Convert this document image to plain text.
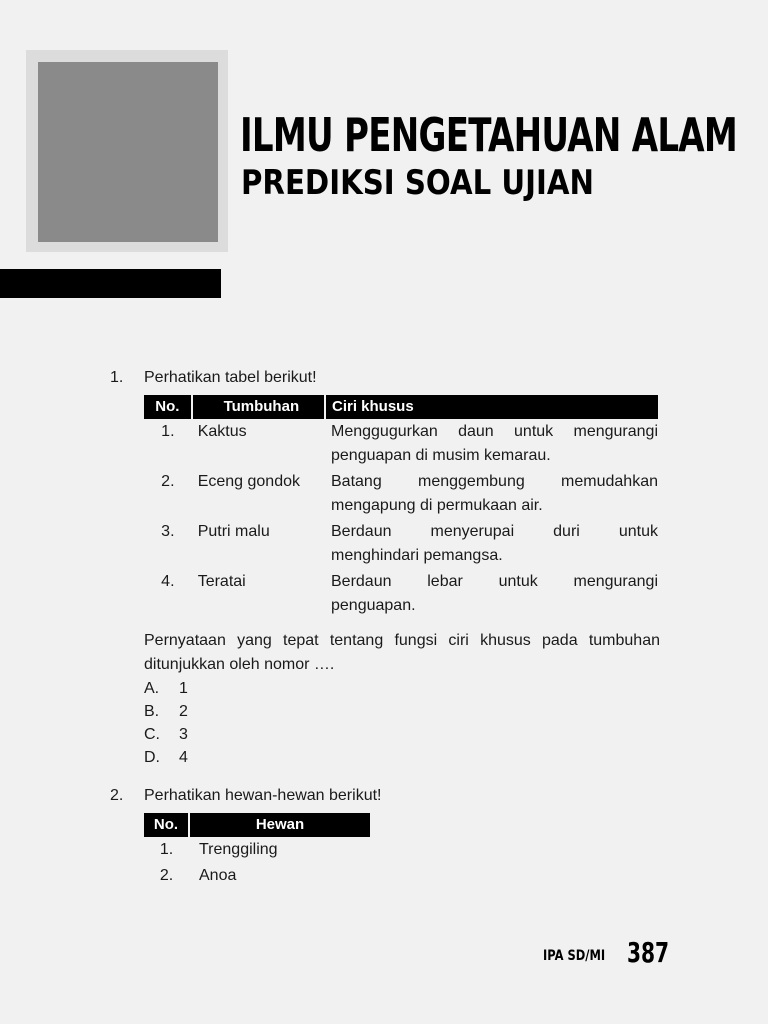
ILMU PENGETAHUAN ALAM
PREDIKSI SOAL UJIAN
1. Perhatikan tabel berikut!
No.	Tumbuhan	Ciri khusus
1.	Kaktus	Menggugurkan daun untuk mengurangi
penguapan di musim kemarau.
2.	Eceng gondok	Batang menggembung memudahkan
mengapung di permukaan air.
3.	Putri malu	Berdaun menyerupai duri untuk
menghindari pemangsa.
4.	Teratai	Berdaun lebar untuk mengurangi
penguapan.
Pernyataan yang tepat tentang fungsi ciri khusus pada tumbuhan
ditunjukkan oleh nomor ….
A. 1
B. 2
C. 3
D. 4
2. Perhatikan hewan-hewan berikut!
No.	Hewan
1.	Trenggiling
2.	Anoa
IPA SD/MI 387
